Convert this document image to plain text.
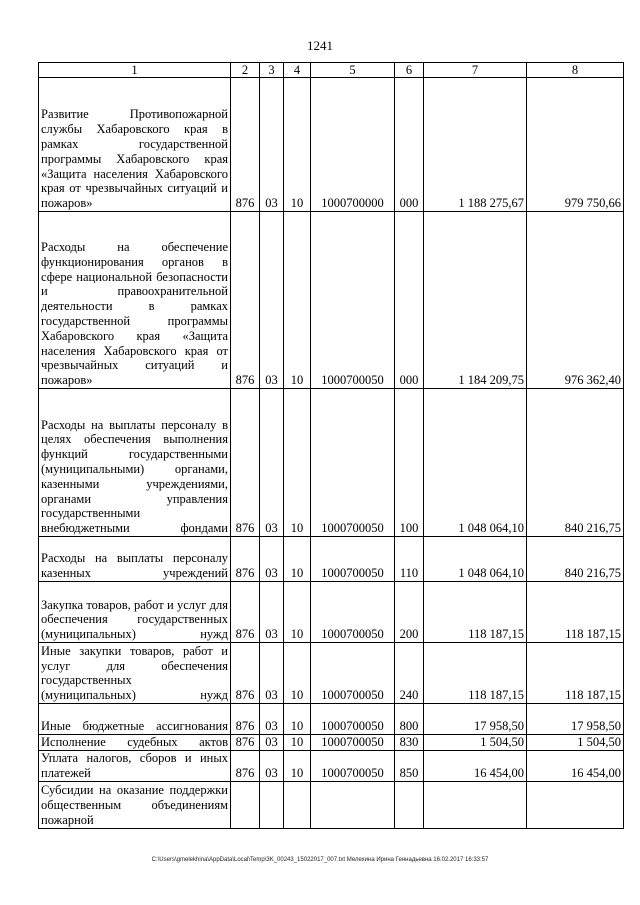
1241
1	2	3	4	5	6	7	8
Развитие Противопожарной службы Хабаровского края в рамках государственной программы Хабаровского края «Защита населения Хабаровского края от чрезвычайных ситуаций и пожаров»	876	03	10	1000700000	000	1 188 275,67	979 750,66
Расходы на обеспечение функционирования органов в сфере национальной безопасности и правоохранительной деятельности в рамках государственной программы Хабаровского края «Защита населения Хабаровского края от чрезвычайных ситуаций и пожаров»	876	03	10	1000700050	000	1 184 209,75	976 362,40
Расходы на выплаты персоналу в целях обеспечения выполнения функций государственными (муниципальными) органами, казенными учреждениями, органами управления государственными внебюджетными фондами	876	03	10	1000700050	100	1 048 064,10	840 216,75
Расходы на выплаты персоналу казенных учреждений	876	03	10	1000700050	110	1 048 064,10	840 216,75
Закупка товаров, работ и услуг для обеспечения государственных (муниципальных) нужд	876	03	10	1000700050	200	118 187,15	118 187,15
Иные закупки товаров, работ и услуг для обеспечения государственных (муниципальных) нужд	876	03	10	1000700050	240	118 187,15	118 187,15
Иные бюджетные ассигнования	876	03	10	1000700050	800	17 958,50	17 958,50
Исполнение судебных актов	876	03	10	1000700050	830	1 504,50	1 504,50
Уплата налогов, сборов и иных платежей	876	03	10	1000700050	850	16 454,00	16 454,00
Субсидии на оказание поддержки общественным объединениям пожарной							
C:\Users\gmelekhina\AppData\Local\Temp\3K_00243_15022017_007.txt Мелехина Ирина Геннадьевна 16.02.2017 16:33:57
